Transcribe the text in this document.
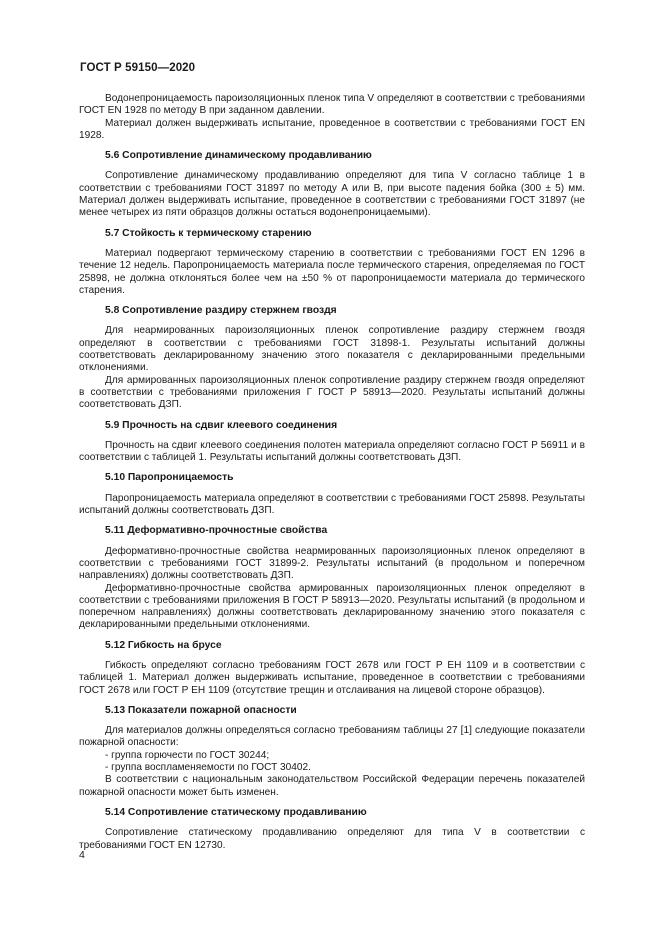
ГОСТ Р 59150—2020

Водонепроницаемость пароизоляционных пленок типа V определяют в соответствии с требованиями ГОСТ EN 1928 по методу В при заданном давлении.

Материал должен выдерживать испытание, проведенное в соответствии с требованиями ГОСТ EN 1928.

5.6 Сопротивление динамическому продавливанию

Сопротивление динамическому продавливанию определяют для типа V согласно таблице 1 в соответствии с требованиями ГОСТ 31897 по методу А или В, при высоте падения бойка (300 ± 5) мм. Материал должен выдерживать испытание, проведенное в соответствии с требованиями ГОСТ 31897 (не менее четырех из пяти образцов должны остаться водонепроницаемыми).

5.7 Стойкость к термическому старению

Материал подвергают термическому старению в соответствии с требованиями ГОСТ EN 1296 в течение 12 недель. Паропроницаемость материала после термического старения, определяемая по ГОСТ 25898, не должна отклоняться более чем на ±50 % от паропроницаемости материала до термического старения.

5.8 Сопротивление раздиру стержнем гвоздя

Для неармированных пароизоляционных пленок сопротивление раздиру стержнем гвоздя определяют в соответствии с требованиями ГОСТ 31898-1. Результаты испытаний должны соответствовать декларированному значению этого показателя с декларированными предельными отклонениями.

Для армированных пароизоляционных пленок сопротивление раздиру стержнем гвоздя определяют в соответствии с требованиями приложения Г ГОСТ Р 58913—2020. Результаты испытаний должны соответствовать ДЗП.

5.9 Прочность на сдвиг клеевого соединения

Прочность на сдвиг клеевого соединения полотен материала определяют согласно ГОСТ Р 56911 и в соответствии с таблицей 1. Результаты испытаний должны соответствовать ДЗП.

5.10 Паропроницаемость

Паропроницаемость материала определяют в соответствии с требованиями ГОСТ 25898. Результаты испытаний должны соответствовать ДЗП.

5.11 Деформативно-прочностные свойства

Деформативно-прочностные свойства неармированных пароизоляционных пленок определяют в соответствии с требованиями ГОСТ 31899-2. Результаты испытаний (в продольном и поперечном направлениях) должны соответствовать ДЗП.

Деформативно-прочностные свойства армированных пароизоляционных пленок определяют в соответствии с требованиями приложения В ГОСТ Р 58913—2020. Результаты испытаний (в продольном и поперечном направлениях) должны соответствовать декларированному значению этого показателя с декларированными предельными отклонениями.

5.12 Гибкость на брусе

Гибкость определяют согласно требованиям ГОСТ 2678 или ГОСТ Р ЕН 1109 и в соответствии с таблицей 1. Материал должен выдерживать испытание, проведенное в соответствии с требованиями ГОСТ 2678 или ГОСТ Р ЕН 1109 (отсутствие трещин и отслаивания на лицевой стороне образцов).

5.13 Показатели пожарной опасности

Для материалов должны определяться согласно требованиям таблицы 27 [1] следующие показатели пожарной опасности:

- группа горючести по ГОСТ 30244;

- группа воспламеняемости по ГОСТ 30402.

В соответствии с национальным законодательством Российской Федерации перечень показателей пожарной опасности может быть изменен.

5.14 Сопротивление статическому продавливанию

Сопротивление статическому продавливанию определяют для типа V в соответствии с требованиями ГОСТ EN 12730.

4
